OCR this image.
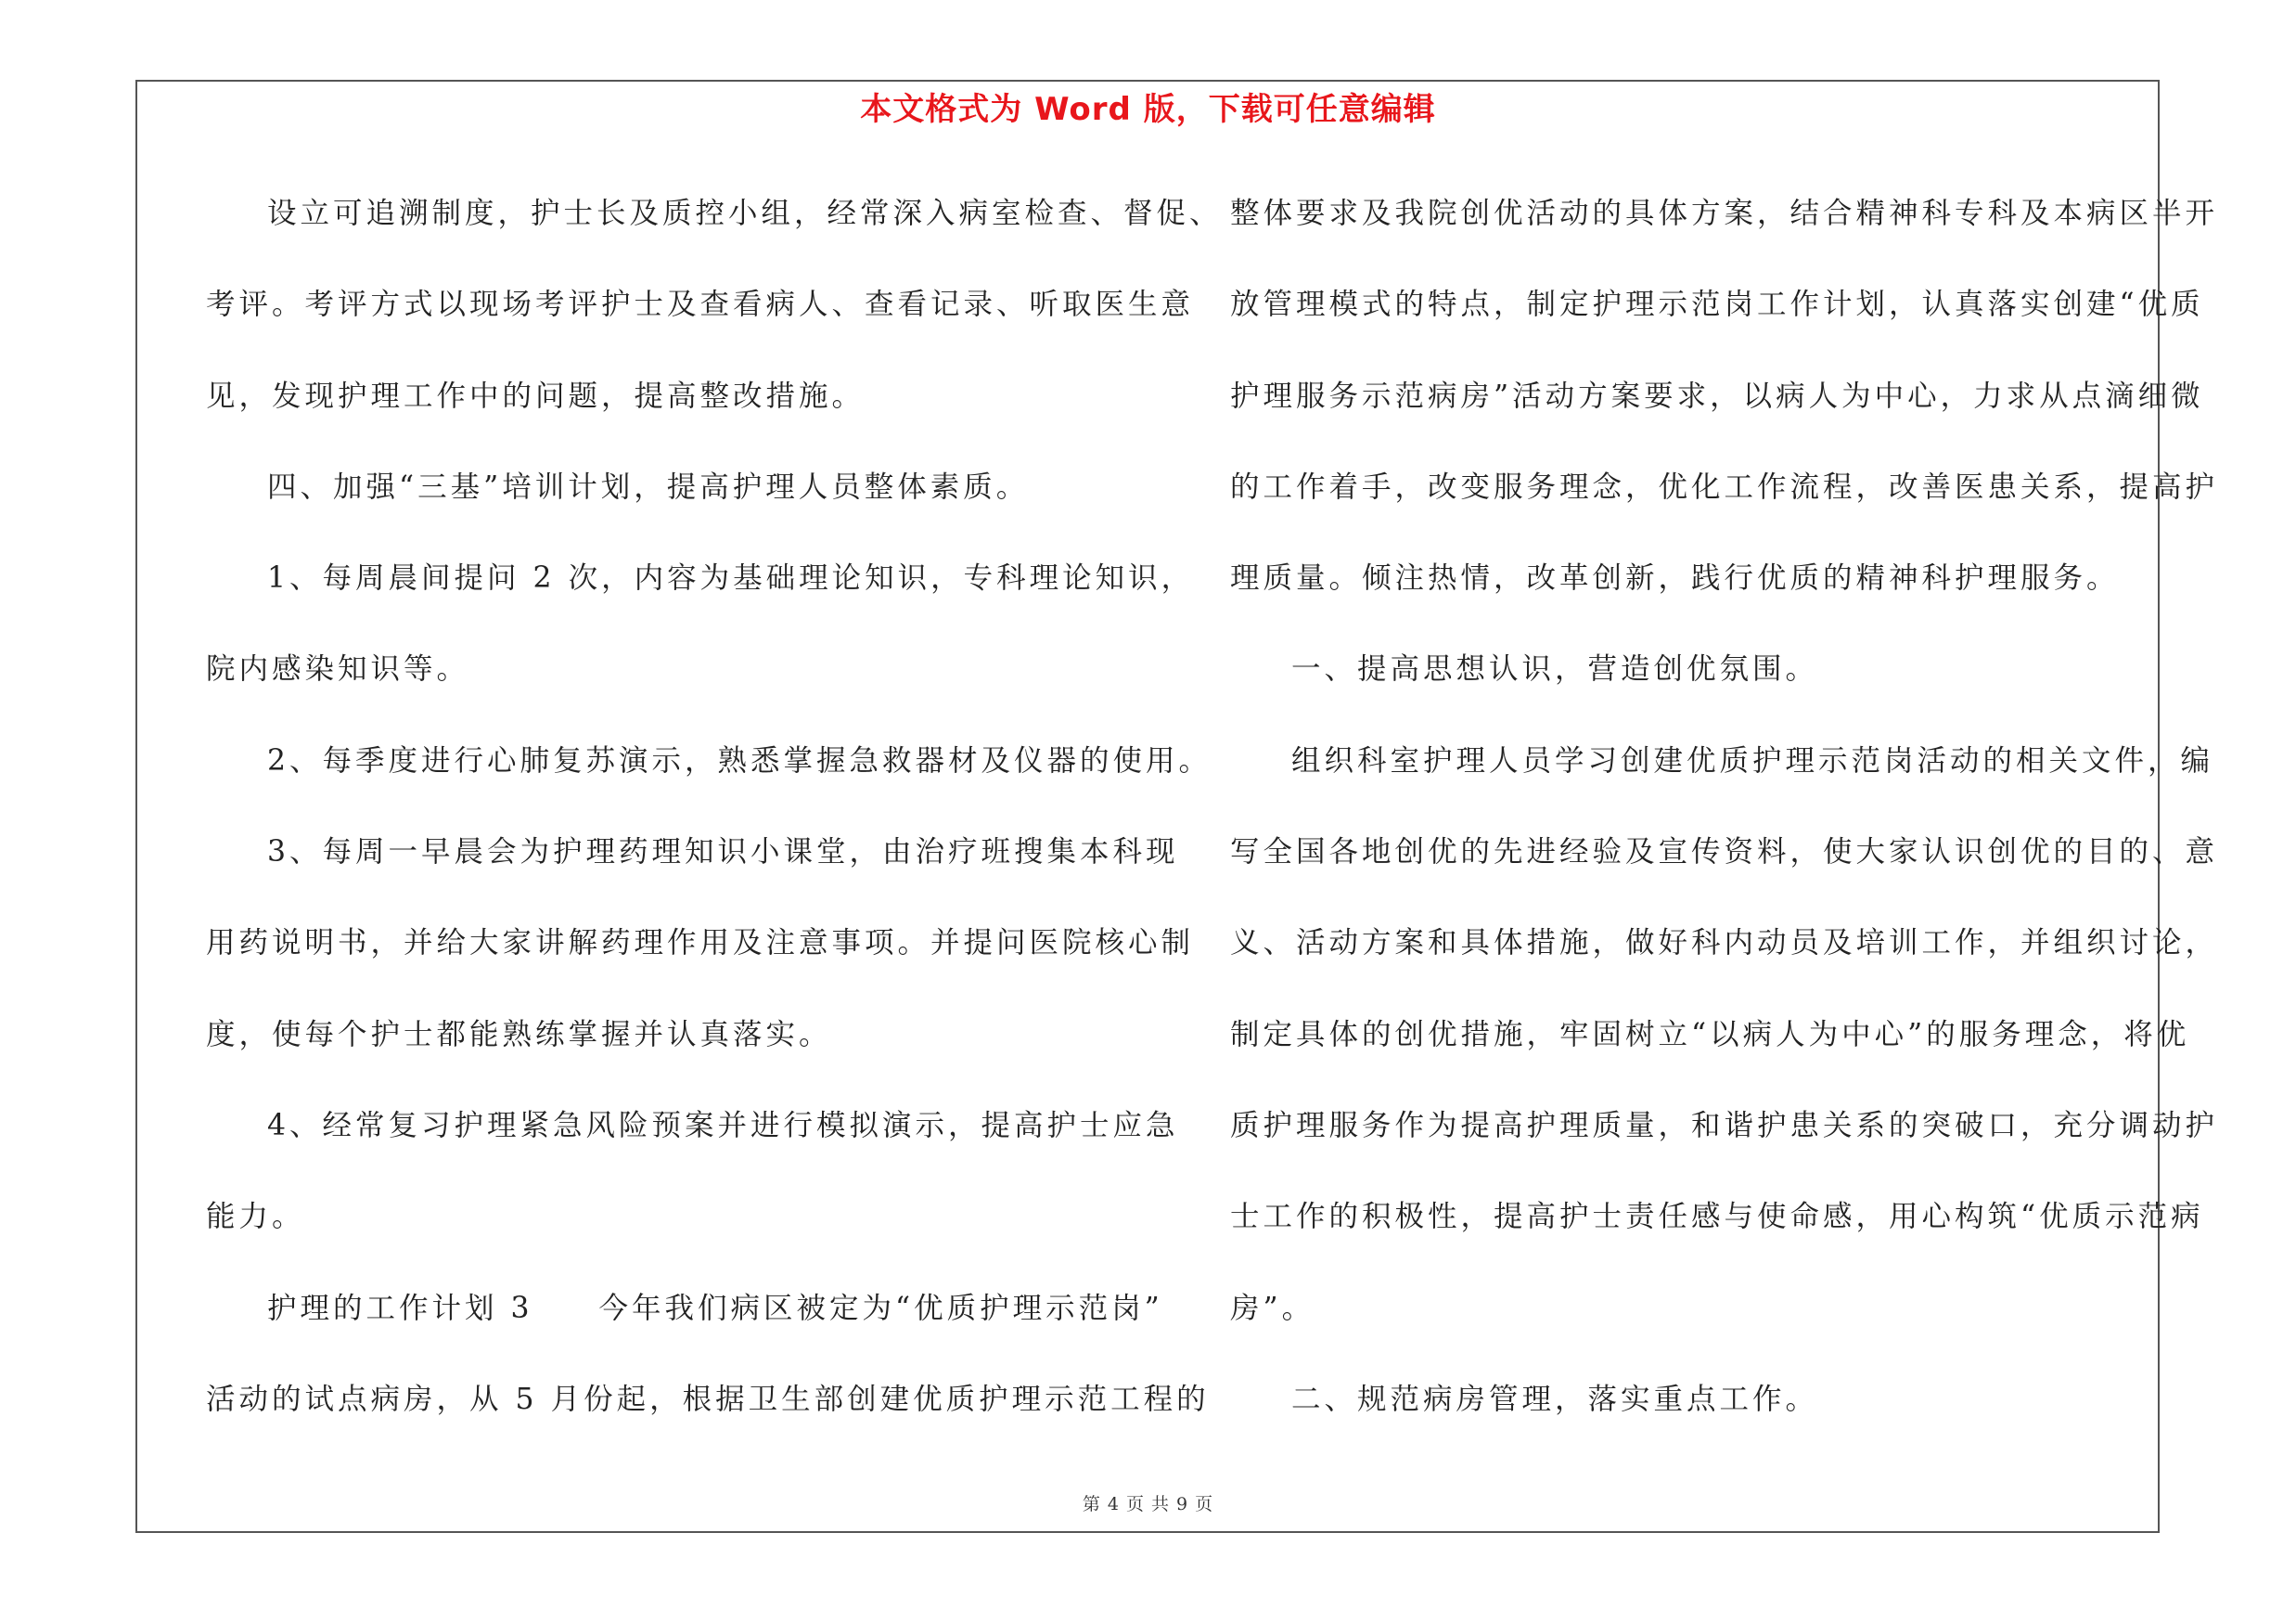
本文格式为 Word 版，下载可任意编辑
设立可追溯制度，护士长及质控小组，经常深入病室检查、督促、
考评。考评方式以现场考评护士及查看病人、查看记录、听取医生意
见，发现护理工作中的问题，提高整改措施。
四、加强“三基”培训计划，提高护理人员整体素质。
1、每周晨间提问 2 次，内容为基础理论知识，专科理论知识，
院内感染知识等。
2、每季度进行心肺复苏演示，熟悉掌握急救器材及仪器的使用。
3、每周一早晨会为护理药理知识小课堂，由治疗班搜集本科现
用药说明书，并给大家讲解药理作用及注意事项。并提问医院核心制
度，使每个护士都能熟练掌握并认真落实。
4、经常复习护理紧急风险预案并进行模拟演示，提高护士应急
能力。
护理的工作计划 3　　今年我们病区被定为“优质护理示范岗”
活动的试点病房，从 5 月份起，根据卫生部创建优质护理示范工程的
整体要求及我院创优活动的具体方案，结合精神科专科及本病区半开
放管理模式的特点，制定护理示范岗工作计划，认真落实创建“优质
护理服务示范病房”活动方案要求，以病人为中心，力求从点滴细微
的工作着手，改变服务理念，优化工作流程，改善医患关系，提高护
理质量。倾注热情，改革创新，践行优质的精神科护理服务。
一、提高思想认识，营造创优氛围。
组织科室护理人员学习创建优质护理示范岗活动的相关文件，编
写全国各地创优的先进经验及宣传资料，使大家认识创优的目的、意
义、活动方案和具体措施，做好科内动员及培训工作，并组织讨论，
制定具体的创优措施，牢固树立“以病人为中心”的服务理念，将优
质护理服务作为提高护理质量，和谐护患关系的突破口，充分调动护
士工作的积极性，提高护士责任感与使命感，用心构筑“优质示范病
房”。
二、规范病房管理，落实重点工作。
第 4 页 共 9 页
